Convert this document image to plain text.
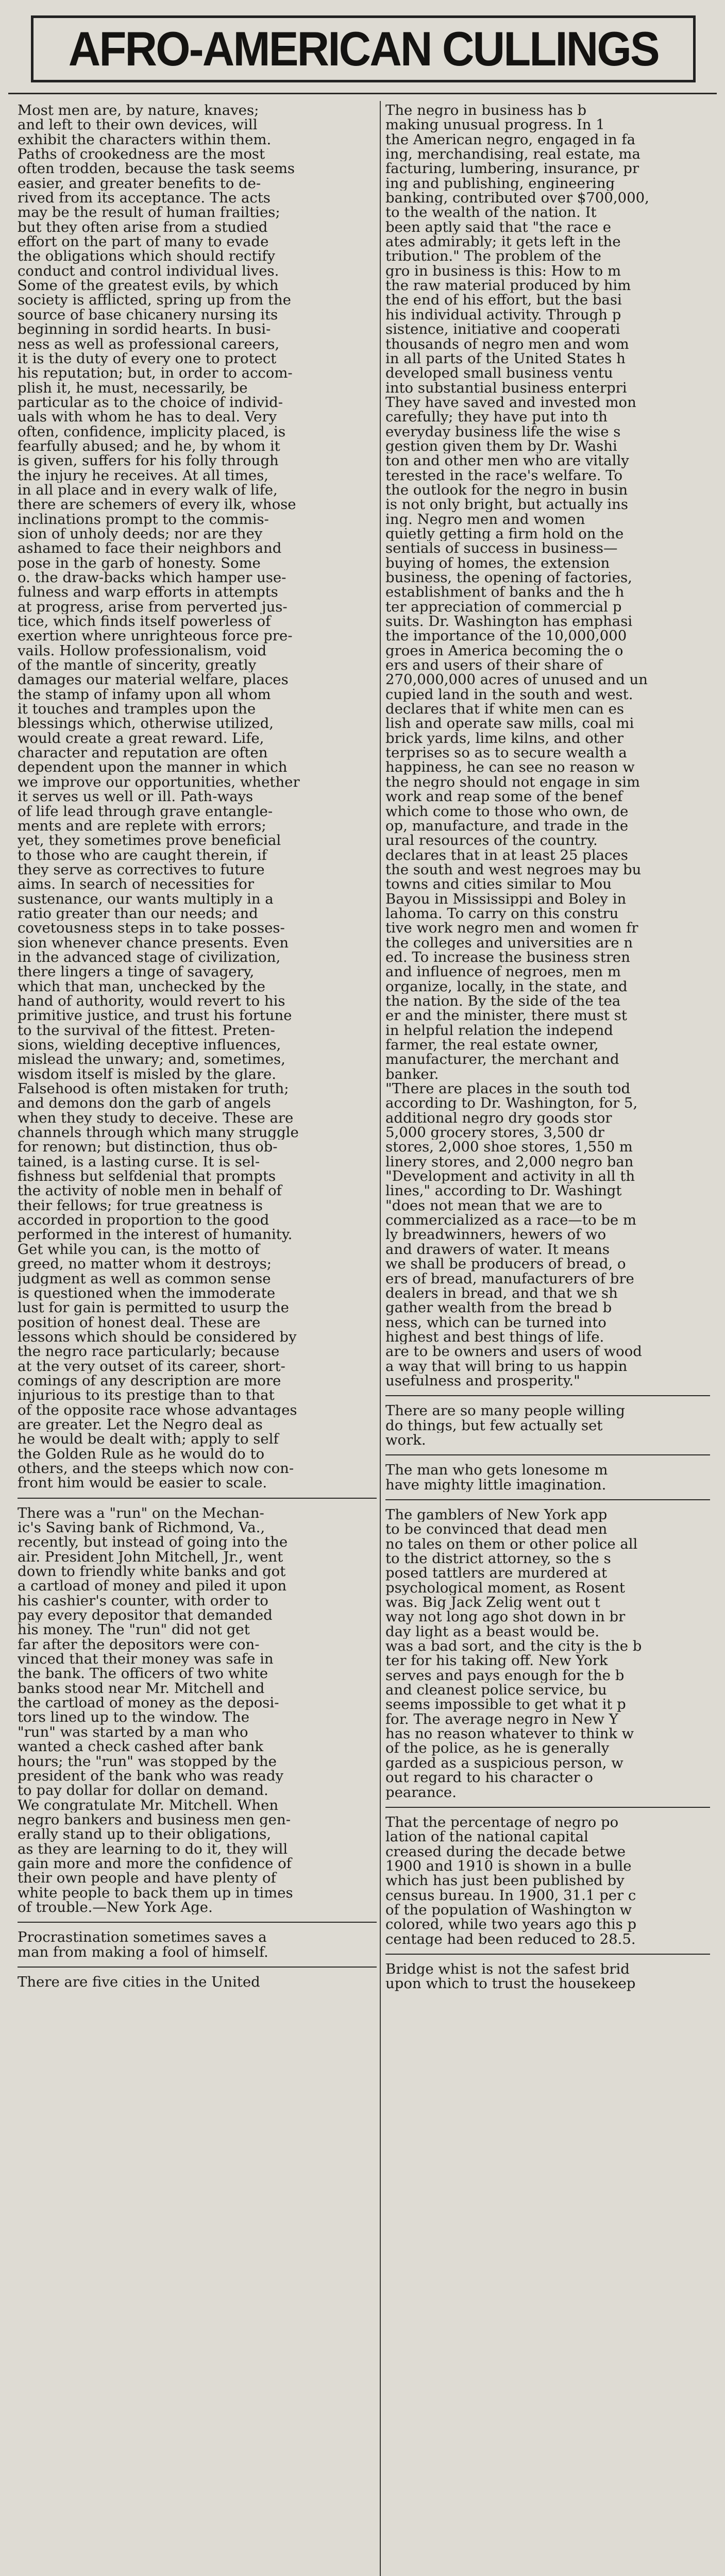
AFRO-AMERICAN CULLINGS
Most men are, by nature, knaves;
and left to their own devices, will
exhibit the characters within them.
Paths of crookedness are the most
often trodden, because the task seems
easier, and greater benefits to de-
rived from its acceptance. The acts
may be the result of human frailties;
but they often arise from a studied
effort on the part of many to evade
the obligations which should rectify
conduct and control individual lives.
Some of the greatest evils, by which
society is afflicted, spring up from the
source of base chicanery nursing its
beginning in sordid hearts. In busi-
ness as well as professional careers,
it is the duty of every one to protect
his reputation; but, in order to accom-
plish it, he must, necessarily, be
particular as to the choice of individ-
uals with whom he has to deal. Very
often, confidence, implicity placed, is
fearfully abused; and he, by whom it
is given, suffers for his folly through
the injury he receives. At all times,
in all place and in every walk of life,
there are schemers of every ilk, whose
inclinations prompt to the commis-
sion of unholy deeds; nor are they
ashamed to face their neighbors and
pose in the garb of honesty. Some
o. the draw-backs which hamper use-
fulness and warp efforts in attempts
at progress, arise from perverted jus-
tice, which finds itself powerless of
exertion where unrighteous force pre-
vails. Hollow professionalism, void
of the mantle of sincerity, greatly
damages our material welfare, places
the stamp of infamy upon all whom
it touches and tramples upon the
blessings which, otherwise utilized,
would create a great reward. Life,
character and reputation are often
dependent upon the manner in which
we improve our opportunities, whether
it serves us well or ill. Path-ways
of life lead through grave entangle-
ments and are replete with errors;
yet, they sometimes prove beneficial
to those who are caught therein, if
they serve as correctives to future
aims. In search of necessities for
sustenance, our wants multiply in a
ratio greater than our needs; and
covetousness steps in to take posses-
sion whenever chance presents. Even
in the advanced stage of civilization,
there lingers a tinge of savagery,
which that man, unchecked by the
hand of authority, would revert to his
primitive justice, and trust his fortune
to the survival of the fittest. Preten-
sions, wielding deceptive influences,
mislead the unwary; and, sometimes,
wisdom itself is misled by the glare.
Falsehood is often mistaken for truth;
and demons don the garb of angels
when they study to deceive. These are
channels through which many struggle
for renown; but distinction, thus ob-
tained, is a lasting curse. It is sel-
fishness but selfdenial that prompts
the activity of noble men in behalf of
their fellows; for true greatness is
accorded in proportion to the good
performed in the interest of humanity.
Get while you can, is the motto of
greed, no matter whom it destroys;
judgment as well as common sense
is questioned when the immoderate
lust for gain is permitted to usurp the
position of honest deal. These are
lessons which should be considered by
the negro race particularly; because
at the very outset of its career, short-
comings of any description are more
injurious to its prestige than to that
of the opposite race whose advantages
are greater. Let the Negro deal as
he would be dealt with; apply to self
the Golden Rule as he would do to
others, and the steeps which now con-
front him would be easier to scale.
There was a "run" on the Mechan-
ic's Saving bank of Richmond, Va.,
recently, but instead of going into the
air. President John Mitchell, Jr., went
down to friendly white banks and got
a cartload of money and piled it upon
his cashier's counter, with order to
pay every depositor that demanded
his money. The "run" did not get
far after the depositors were con-
vinced that their money was safe in
the bank. The officers of two white
banks stood near Mr. Mitchell and
the cartload of money as the deposi-
tors lined up to the window. The
"run" was started by a man who
wanted a check cashed after bank
hours; the "run" was stopped by the
president of the bank who was ready
to pay dollar for dollar on demand.
We congratulate Mr. Mitchell. When
negro bankers and business men gen-
erally stand up to their obligations,
as they are learning to do it, they will
gain more and more the confidence of
their own people and have plenty of
white people to back them up in times
of trouble.—New York Age.
Procrastination sometimes saves a
man from making a fool of himself.
There are five cities in the United
The negro in business has b
making unusual progress. In 1
the American negro, engaged in fa
ing, merchandising, real estate, ma
facturing, lumbering, insurance, pr
ing and publishing, engineering
banking, contributed over $700,000,
to the wealth of the nation. It
been aptly said that "the race e
ates admirably; it gets left in the
tribution." The problem of the
gro in business is this: How to m
the raw material produced by him
the end of his effort, but the basi
his individual activity. Through p
sistence, initiative and cooperati
thousands of negro men and wom
in all parts of the United States h
developed small business ventu
into substantial business enterpri
They have saved and invested mon
carefully; they have put into th
everyday business life the wise s
gestion given them by Dr. Washi
ton and other men who are vitally
terested in the race's welfare. To
the outlook for the negro in busin
is not only bright, but actually ins
ing. Negro men and women
quietly getting a firm hold on the
sentials of success in business—
buying of homes, the extension
business, the opening of factories,
establishment of banks and the h
ter appreciation of commercial p
suits. Dr. Washington has emphasi
the importance of the 10,000,000
groes in America becoming the o
ers and users of their share of
270,000,000 acres of unused and un
cupied land in the south and west.
declares that if white men can es
lish and operate saw mills, coal mi
brick yards, lime kilns, and other
terprises so as to secure wealth a
happiness, he can see no reason w
the negro should not engage in sim
work and reap some of the benef
which come to those who own, de
op, manufacture, and trade in the
ural resources of the country.
declares that in at least 25 places
the south and west negroes may bu
towns and cities similar to Mou
Bayou in Mississippi and Boley in
lahoma. To carry on this constru
tive work negro men and women fr
the colleges and universities are n
ed. To increase the business stren
and influence of negroes, men m
organize, locally, in the state, and
the nation. By the side of the tea
er and the minister, there must st
in helpful relation the independ
farmer, the real estate owner,
manufacturer, the merchant and
banker.
"There are places in the south tod
according to Dr. Washington, for 5,
additional negro dry goods stor
5,000 grocery stores, 3,500 dr
stores, 2,000 shoe stores, 1,550 m
linery stores, and 2,000 negro ban
"Development and activity in all th
lines," according to Dr. Washingt
"does not mean that we are to
commercialized as a race—to be m
ly breadwinners, hewers of wo
and drawers of water. It means
we shall be producers of bread, o
ers of bread, manufacturers of bre
dealers in bread, and that we sh
gather wealth from the bread b
ness, which can be turned into
highest and best things of life.
are to be owners and users of wood
a way that will bring to us happin
usefulness and prosperity."
There are so many people willing
do things, but few actually set
work.
The man who gets lonesome m
have mighty little imagination.
The gamblers of New York app
to be convinced that dead men
no tales on them or other police all
to the district attorney, so the s
posed tattlers are murdered at
psychological moment, as Rosent
was. Big Jack Zelig went out t
way not long ago shot down in br
day light as a beast would be.
was a bad sort, and the city is the b
ter for his taking off. New York
serves and pays enough for the b
and cleanest police service, bu
seems impossible to get what it p
for. The average negro in New Y
has no reason whatever to think w
of the police, as he is generally
garded as a suspicious person, w
out regard to his character o
pearance.
That the percentage of negro po
lation of the national capital
creased during the decade betwe
1900 and 1910 is shown in a bulle
which has just been published by
census bureau. In 1900, 31.1 per c
of the population of Washington w
colored, while two years ago this p
centage had been reduced to 28.5.
Bridge whist is not the safest brid
upon which to trust the housekeep
